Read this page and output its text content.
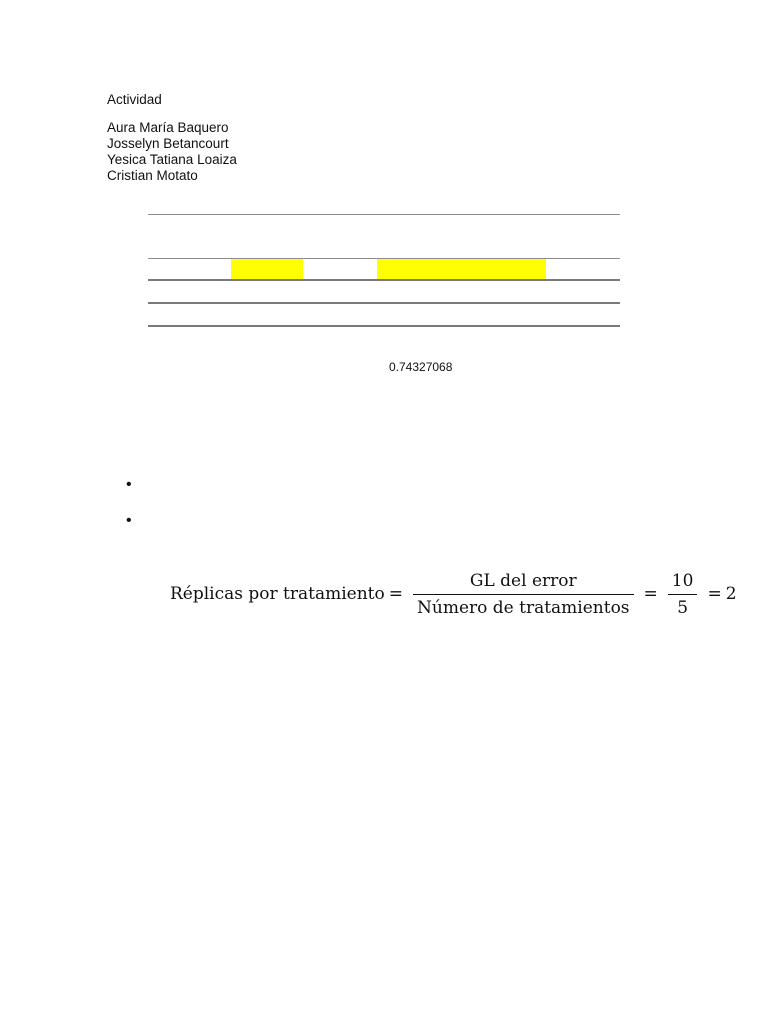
Actividad
Aura María Baquero
Josselyn Betancourt
Yesica Tatiana Loaiza
Cristian Motato
0.74327068
•
•
Réplicas por tratamiento = $\frac{\text{GL del error}}{\text{Número de tratamientos}} = \frac{10}{5} = 2$
